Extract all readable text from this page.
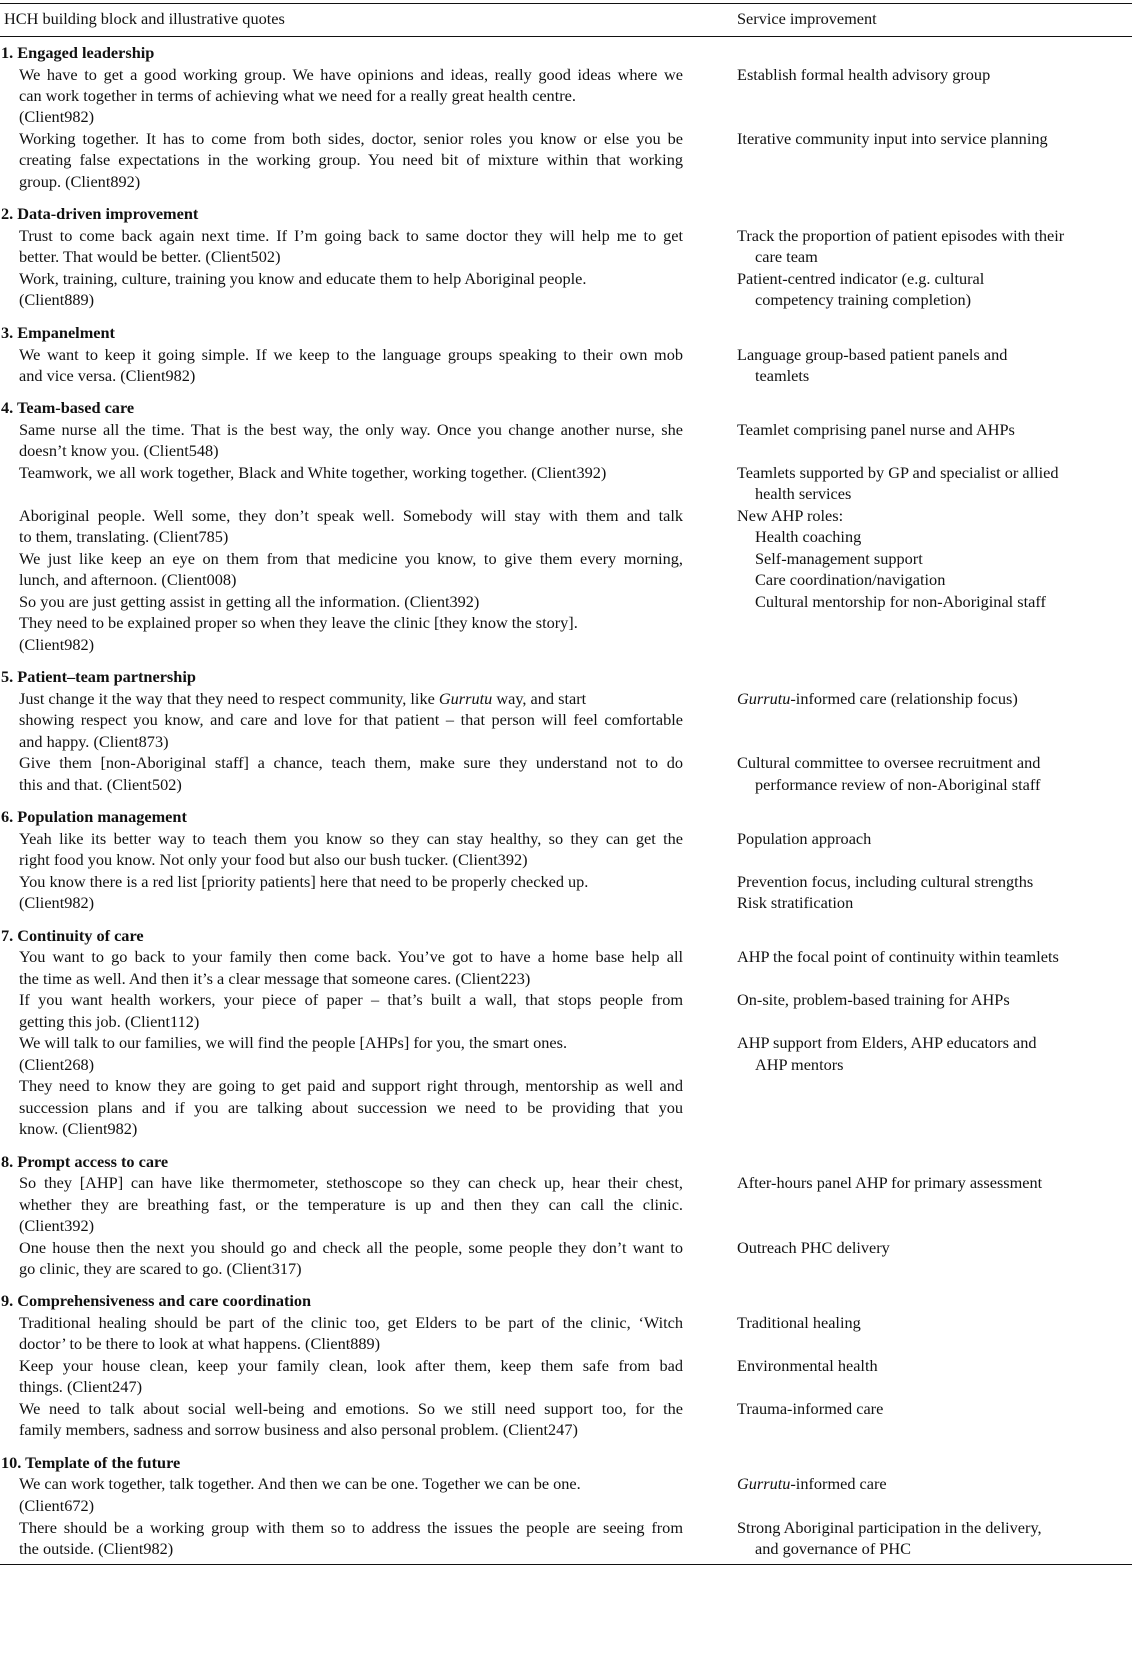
HCH building block and illustrative quotes	Service improvement
1. Engaged leadership
We have to get a good working group. We have opinions and ideas, really good ideas where we
can work together in terms of achieving what we need for a really great health centre.
(Client982)
Working together. It has to come from both sides, doctor, senior roles you know or else you be
creating false expectations in the working group. You need bit of mixture within that working
group. (Client892)
Establish formal health advisory group
Iterative community input into service planning
2. Data-driven improvement
Trust to come back again next time. If I’m going back to same doctor they will help me to get
better. That would be better. (Client502)
Work, training, culture, training you know and educate them to help Aboriginal people.
(Client889)
Track the proportion of patient episodes with their
care team
Patient-centred indicator (e.g. cultural
competency training completion)
3. Empanelment
We want to keep it going simple. If we keep to the language groups speaking to their own mob
and vice versa. (Client982)
Language group-based patient panels and
teamlets
4. Team-based care
Same nurse all the time. That is the best way, the only way. Once you change another nurse, she
doesn’t know you. (Client548)
Teamwork, we all work together, Black and White together, working together. (Client392)
Aboriginal people. Well some, they don’t speak well. Somebody will stay with them and talk
to them, translating. (Client785)
We just like keep an eye on them from that medicine you know, to give them every morning,
lunch, and afternoon. (Client008)
So you are just getting assist in getting all the information. (Client392)
They need to be explained proper so when they leave the clinic [they know the story].
(Client982)
Teamlet comprising panel nurse and AHPs
Teamlets supported by GP and specialist or allied
health services
New AHP roles:
Health coaching
Self-management support
Care coordination/navigation
Cultural mentorship for non-Aboriginal staff
5. Patient–team partnership
Just change it the way that they need to respect community, like Gurrutu way, and start
showing respect you know, and care and love for that patient – that person will feel comfortable
and happy. (Client873)
Give them [non-Aboriginal staff] a chance, teach them, make sure they understand not to do
this and that. (Client502)
Gurrutu-informed care (relationship focus)
Cultural committee to oversee recruitment and
performance review of non-Aboriginal staff
6. Population management
Yeah like its better way to teach them you know so they can stay healthy, so they can get the
right food you know. Not only your food but also our bush tucker. (Client392)
You know there is a red list [priority patients] here that need to be properly checked up.
(Client982)
Population approach
Prevention focus, including cultural strengths
Risk stratification
7. Continuity of care
You want to go back to your family then come back. You’ve got to have a home base help all
the time as well. And then it’s a clear message that someone cares. (Client223)
If you want health workers, your piece of paper – that’s built a wall, that stops people from
getting this job. (Client112)
We will talk to our families, we will find the people [AHPs] for you, the smart ones.
(Client268)
They need to know they are going to get paid and support right through, mentorship as well and
succession plans and if you are talking about succession we need to be providing that you
know. (Client982)
AHP the focal point of continuity within teamlets
On-site, problem-based training for AHPs
AHP support from Elders, AHP educators and
AHP mentors
8. Prompt access to care
So they [AHP] can have like thermometer, stethoscope so they can check up, hear their chest,
whether they are breathing fast, or the temperature is up and then they can call the clinic.
(Client392)
One house then the next you should go and check all the people, some people they don’t want to
go clinic, they are scared to go. (Client317)
After-hours panel AHP for primary assessment
Outreach PHC delivery
9. Comprehensiveness and care coordination
Traditional healing should be part of the clinic too, get Elders to be part of the clinic, ‘Witch
doctor’ to be there to look at what happens. (Client889)
Keep your house clean, keep your family clean, look after them, keep them safe from bad
things. (Client247)
We need to talk about social well-being and emotions. So we still need support too, for the
family members, sadness and sorrow business and also personal problem. (Client247)
Traditional healing
Environmental health
Trauma-informed care
10. Template of the future
We can work together, talk together. And then we can be one. Together we can be one.
(Client672)
There should be a working group with them so to address the issues the people are seeing from
the outside. (Client982)
Gurrutu-informed care
Strong Aboriginal participation in the delivery,
and governance of PHC
